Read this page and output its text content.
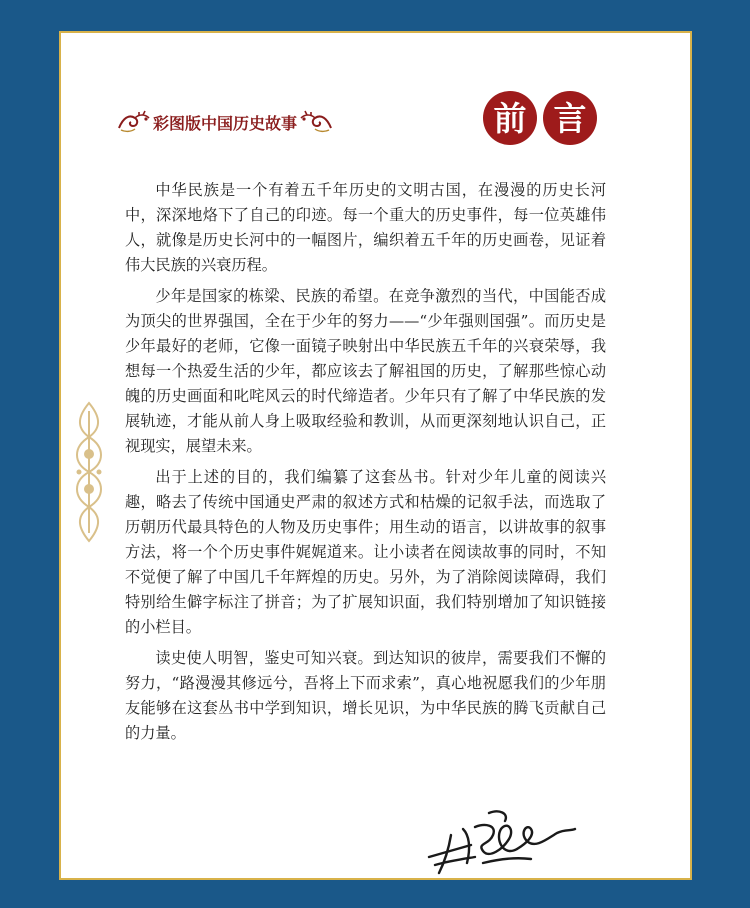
彩图版中国历史故事	前 言

中华民族是一个有着五千年历史的文明古国，在漫漫的历史长河中，深深地烙下了自己的印迹。每一个重大的历史事件，每一位英雄伟人，就像是历史长河中的一幅图片，编织着五千年的历史画卷，见证着伟大民族的兴衰历程。

少年是国家的栋梁、民族的希望。在竞争激烈的当代，中国能否成为顶尖的世界强国，全在于少年的努力——“少年强则国强”。而历史是少年最好的老师，它像一面镜子映射出中华民族五千年的兴衰荣辱，我想每一个热爱生活的少年，都应该去了解祖国的历史，了解那些惊心动魄的历史画面和叱咤风云的时代缔造者。少年只有了解了中华民族的发展轨迹，才能从前人身上吸取经验和教训，从而更深刻地认识自己，正视现实，展望未来。

出于上述的目的，我们编纂了这套丛书。针对少年儿童的阅读兴趣，略去了传统中国通史严肃的叙述方式和枯燥的记叙手法，而选取了历朝历代最具特色的人物及历史事件；用生动的语言，以讲故事的叙事方法，将一个个历史事件娓娓道来。让小读者在阅读故事的同时，不知不觉便了解了中国几千年辉煌的历史。另外，为了消除阅读障碍，我们特别给生僻字标注了拼音；为了扩展知识面，我们特别增加了知识链接的小栏目。

读史使人明智，鉴史可知兴衰。到达知识的彼岸，需要我们不懈的努力，“路漫漫其修远兮，吾将上下而求索”，真心地祝愿我们的少年朋友能够在这套丛书中学到知识，增长见识，为中华民族的腾飞贡献自己的力量。
